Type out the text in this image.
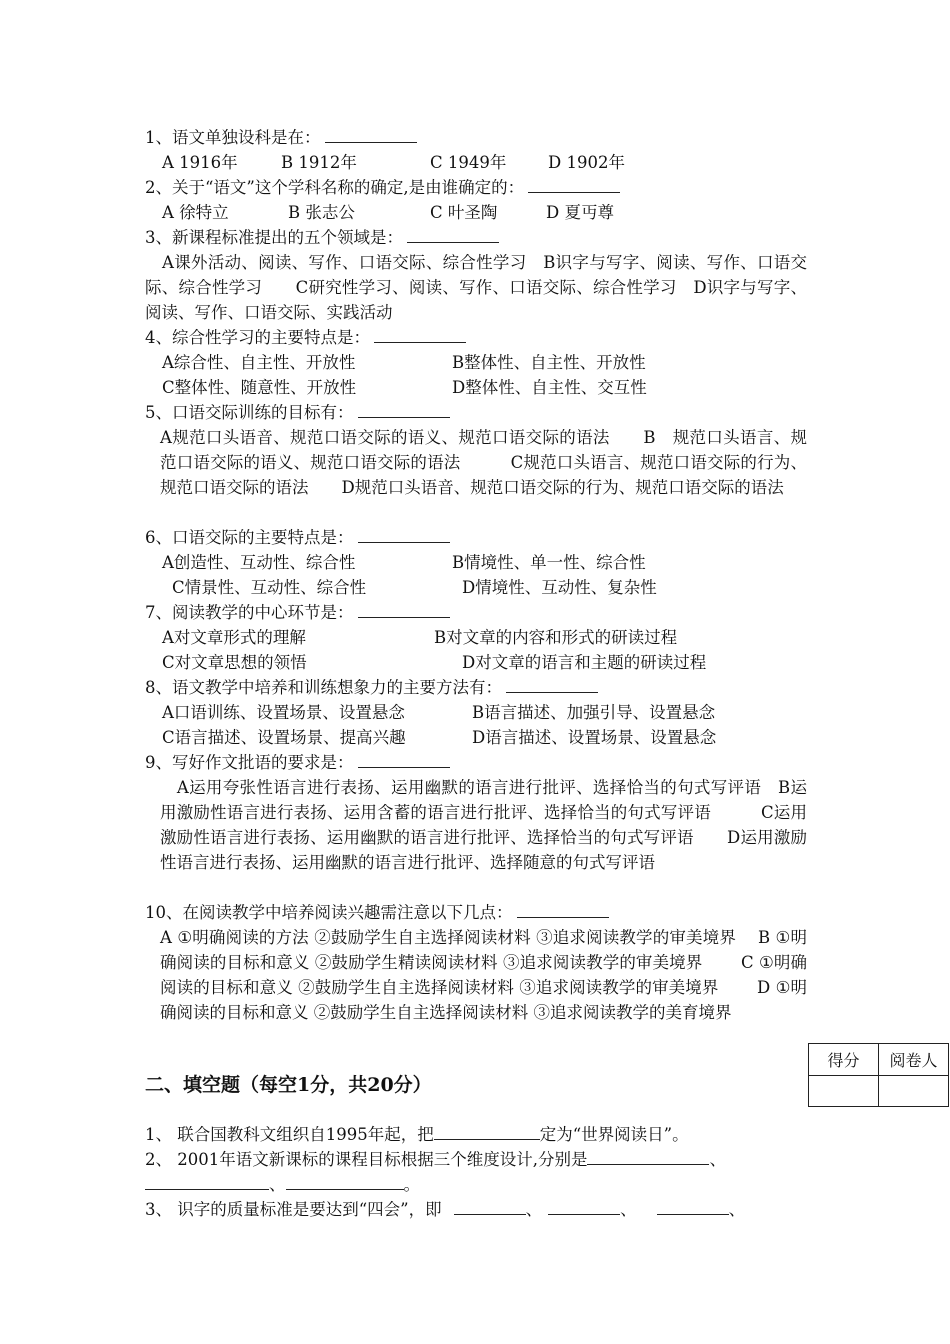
1、语文单独设科是在：
A 1916年	B 1912年	C 1949年	D 1902年
2、关于“语文”这个学科名称的确定,是由谁确定的：
A 徐特立	B 张志公	C 叶圣陶	D 夏丏尊
3、新课程标准提出的五个领域是：
A课外活动、阅读、写作、口语交际、综合性学习　B识字与写字、阅读、写作、口语交际、综合性学习　　C研究性学习、阅读、写作、口语交际、综合性学习　D识字与写字、阅读、写作、口语交际、实践活动
4、综合性学习的主要特点是：
A综合性、自主性、开放性	B整体性、自主性、开放性
C整体性、随意性、开放性	D整体性、自主性、交互性
5、口语交际训练的目标有：
A规范口头语音、规范口语交际的语义、规范口语交际的语法　　B　规范口头语言、规范口语交际的语义、规范口语交际的语法　　　C规范口头语言、规范口语交际的行为、规范口语交际的语法　　D规范口头语音、规范口语交际的行为、规范口语交际的语法
6、口语交际的主要特点是：
A创造性、互动性、综合性	B情境性、单一性、综合性
C情景性、互动性、综合性	D情境性、互动性、复杂性
7、阅读教学的中心环节是：
A对文章形式的理解	B对文章的内容和形式的研读过程
C对文章思想的领悟	D对文章的语言和主题的研读过程
8、语文教学中培养和训练想象力的主要方法有：
A口语训练、设置场景、设置悬念	B语言描述、加强引导、设置悬念
C语言描述、设置场景、提高兴趣	D语言描述、设置场景、设置悬念
9、写好作文批语的要求是：
　A运用夸张性语言进行表扬、运用幽默的语言进行批评、选择恰当的句式写评语　B运用激励性语言进行表扬、运用含蓄的语言进行批评、选择恰当的句式写评语　　　C运用激励性语言进行表扬、运用幽默的语言进行批评、选择恰当的句式写评语　　D运用激励性语言进行表扬、运用幽默的语言进行批评、选择随意的句式写评语
10、在阅读教学中培养阅读兴趣需注意以下几点：
A ①明确阅读的方法 ②鼓励学生自主选择阅读材料 ③追求阅读教学的审美境界　 B ①明确阅读的目标和意义 ②鼓励学生精读阅读材料 ③追求阅读教学的审美境界　　 C ①明确阅读的目标和意义 ②鼓励学生自主选择阅读材料 ③追求阅读教学的审美境界　　 D ①明确阅读的目标和意义 ②鼓励学生自主选择阅读材料 ③追求阅读教学的美育境界
得分	阅卷人

二、填空题（每空1分，共20分）
1、 联合国教科文组织自1995年起，把	定为“世界阅读日”。
2、 2001年语文新课标的课程目标根据三个维度设计,分别是	、
、	。
3、 识字的质量标准是要达到“四会”，即	、	、	、
